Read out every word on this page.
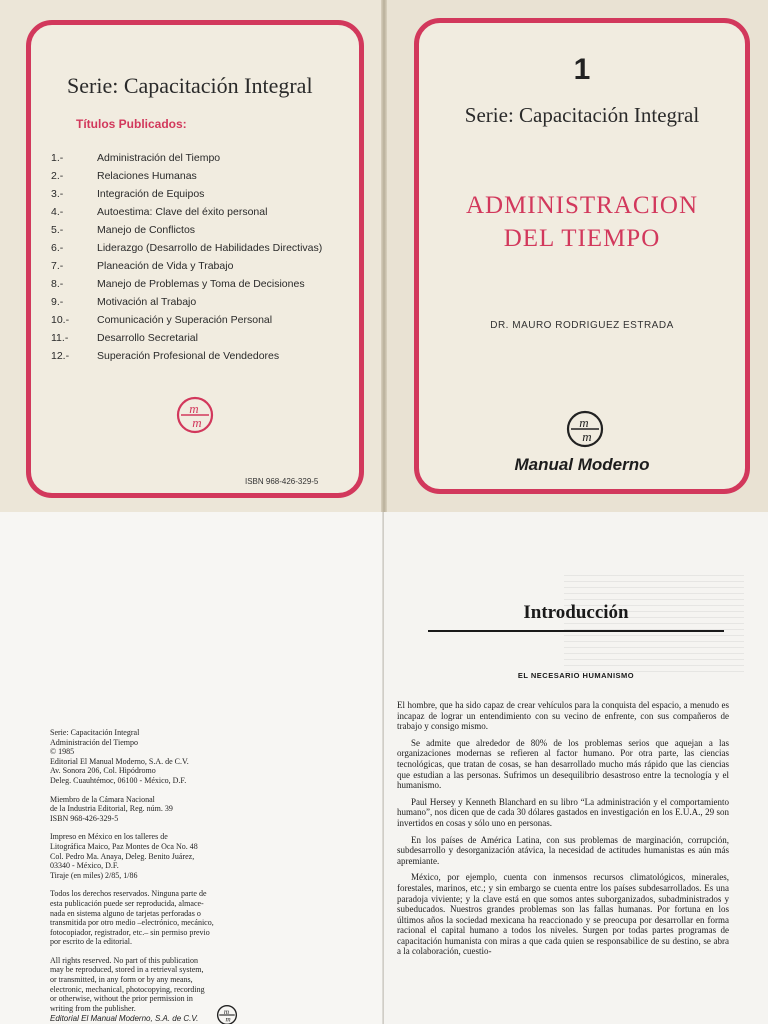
Serie: Capacitación Integral
Títulos Publicados:
1.-	Administración del Tiempo
2.-	Relaciones Humanas
3.-	Integración de Equipos
4.-	Autoestima: Clave del éxito personal
5.-	Manejo de Conflictos
6.-	Liderazgo (Desarrollo de Habilidades Directivas)
7.-	Planeación de Vida y Trabajo
8.-	Manejo de Problemas y Toma de Decisiones
9.-	Motivación al Trabajo
10.-	Comunicación y Superación Personal
11.-	Desarrollo Secretarial
12.-	Superación Profesional de Vendedores
m
m
ISBN 968-426-329-5
1
Serie: Capacitación Integral
ADMINISTRACION
DEL TIEMPO
DR. MAURO RODRIGUEZ ESTRADA
m
m
Manual Moderno

Serie: Capacitación Integral
Administración del Tiempo
© 1985
Editorial El Manual Moderno, S.A. de C.V.
Av. Sonora 206, Col. Hipódromo
Deleg. Cuauhtémoc, 06100 - México, D.F.

Miembro de la Cámara Nacional
de la Industria Editorial, Reg. núm. 39
ISBN 968-426-329-5

Impreso en México en los talleres de
Litográfica Maico, Paz Montes de Oca No. 48
Col. Pedro Ma. Anaya, Deleg. Benito Juárez,
03340 - México, D.F.
Tiraje (en miles) 2/85, 1/86

Todos los derechos reservados. Ninguna parte de
esta publicación puede ser reproducida, almace-
nada en sistema alguno de tarjetas perforadas o
transmitida por otro medio –electrónico, mecánico,
fotocopiador, registrador, etc.– sin permiso previo
por escrito de la editorial.

All rights reserved. No part of this publication
may be reproduced, stored in a retrieval system,
or transmitted, in any form or by any means,
electronic, mechanical, photocopying, recording
or otherwise, without the prior permission in
writing from the publisher.

Editorial El Manual Moderno, S.A. de C.V.
m
m
Introducción
EL NECESARIO HUMANISMO

El hombre, que ha sido capaz de crear vehículos para la conquista del espacio, a menudo es incapaz de lograr un entendimiento con su vecino de enfrente, con sus compañeros de trabajo y consigo mismo.

Se admite que alrededor de 80% de los problemas serios que aquejan a las organizaciones modernas se refieren al factor humano. Por otra parte, las ciencias tecnológicas, que tratan de cosas, se han desarrollado mucho más rápido que las ciencias que estudian a las personas. Sufrimos un desequilibrio desastroso entre la tecnología y el humanismo.

Paul Hersey y Kenneth Blanchard en su libro “La administración y el comportamiento humano”, nos dicen que de cada 30 dólares gastados en investigación en los E.U.A., 29 son invertidos en cosas y sólo uno en personas.

En los países de América Latina, con sus problemas de marginación, corrupción, subdesarrollo y desorganización atávica, la necesidad de actitudes humanistas es aún más apremiante.

México, por ejemplo, cuenta con inmensos recursos climatológicos, minerales, forestales, marinos, etc.; y sin embargo se cuenta entre los países subdesarrollados. Es una paradoja viviente; y la clave está en que somos antes suborganizados, subadministrados y subeducados. Nuestros grandes problemas son las fallas humanas. Por fortuna en los últimos años la sociedad mexicana ha reaccionado y se preocupa por desarrollar en forma racional el capital humano a todos los niveles. Surgen por todas partes programas de capacitación humanista con miras a que cada quien se responsabilice de su destino, se abra a la colaboración, cuestio-
